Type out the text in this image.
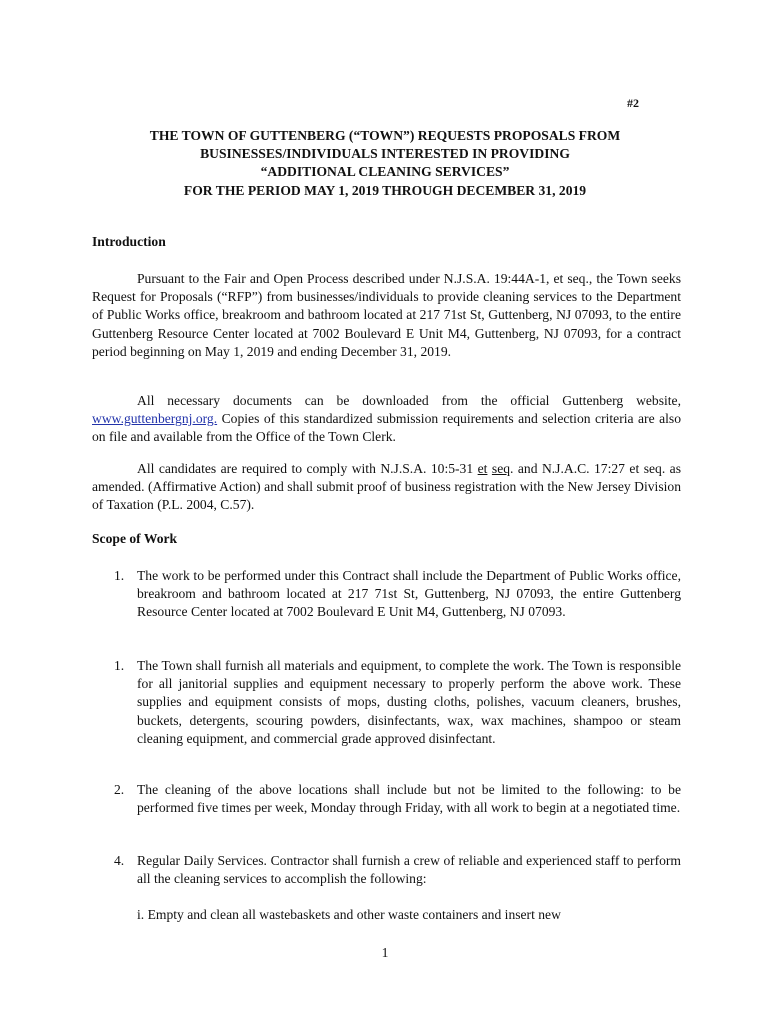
#2
THE TOWN OF GUTTENBERG (“TOWN”) REQUESTS PROPOSALS FROM
BUSINESSES/INDIVIDUALS INTERESTED IN PROVIDING
“ADDITIONAL CLEANING SERVICES”
FOR THE PERIOD MAY 1, 2019 THROUGH DECEMBER 31, 2019
Introduction
Pursuant to the Fair and Open Process described under N.J.S.A. 19:44A-1, et seq., the Town seeks Request for Proposals (“RFP”) from businesses/individuals to provide cleaning services to the Department of Public Works office, breakroom and bathroom located at 217 71st St, Guttenberg, NJ 07093, to the entire Guttenberg Resource Center located at 7002 Boulevard E Unit M4, Guttenberg, NJ 07093, for a contract period beginning on May 1, 2019 and ending December 31, 2019.
All necessary documents can be downloaded from the official Guttenberg website, www.guttenbergnj.org. Copies of this standardized submission requirements and selection criteria are also on file and available from the Office of the Town Clerk.
All candidates are required to comply with N.J.S.A. 10:5-31 et seq. and N.J.A.C. 17:27 et seq. as amended. (Affirmative Action) and shall submit proof of business registration with the New Jersey Division of Taxation (P.L. 2004, C.57).
Scope of Work
1. The work to be performed under this Contract shall include the Department of Public Works office, breakroom and bathroom located at 217 71st St, Guttenberg, NJ 07093, the entire Guttenberg Resource Center located at 7002 Boulevard E Unit M4, Guttenberg, NJ 07093.
1. The Town shall furnish all materials and equipment, to complete the work. The Town is responsible for all janitorial supplies and equipment necessary to properly perform the above work. These supplies and equipment consists of mops, dusting cloths, polishes, vacuum cleaners, brushes, buckets, detergents, scouring powders, disinfectants, wax, wax machines, shampoo or steam cleaning equipment, and commercial grade approved disinfectant.
2. The cleaning of the above locations shall include but not be limited to the following: to be performed five times per week, Monday through Friday, with all work to begin at a negotiated time.
4. Regular Daily Services. Contractor shall furnish a crew of reliable and experienced staff to perform all the cleaning services to accomplish the following:
i. Empty and clean all wastebaskets and other waste containers and insert new
1
